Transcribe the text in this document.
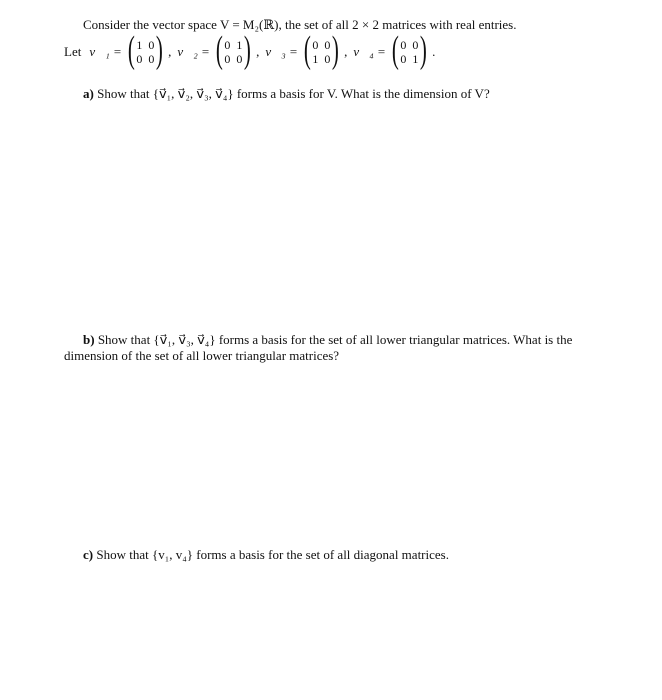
Consider the vector space V = M₂(ℝ), the set of all 2 × 2 matrices with real entries.
Let v⃗₁ = ( 1 0
0 0 ) , v⃗₂ = ( 0 1
0 0 ) , v⃗₃ = ( 0 0
1 0 ) , v⃗₄ = ( 0 0
0 1 ) .
a) Show that {v⃗₁, v⃗₂, v⃗₃, v⃗₄} forms a basis for V. What is the dimension of V?
b) Show that {v⃗₁, v⃗₃, v⃗₄} forms a basis for the set of all lower triangular matrices. What is the
dimension of the set of all lower triangular matrices?
c) Show that {v₁, v₄} forms a basis for the set of all diagonal matrices.
